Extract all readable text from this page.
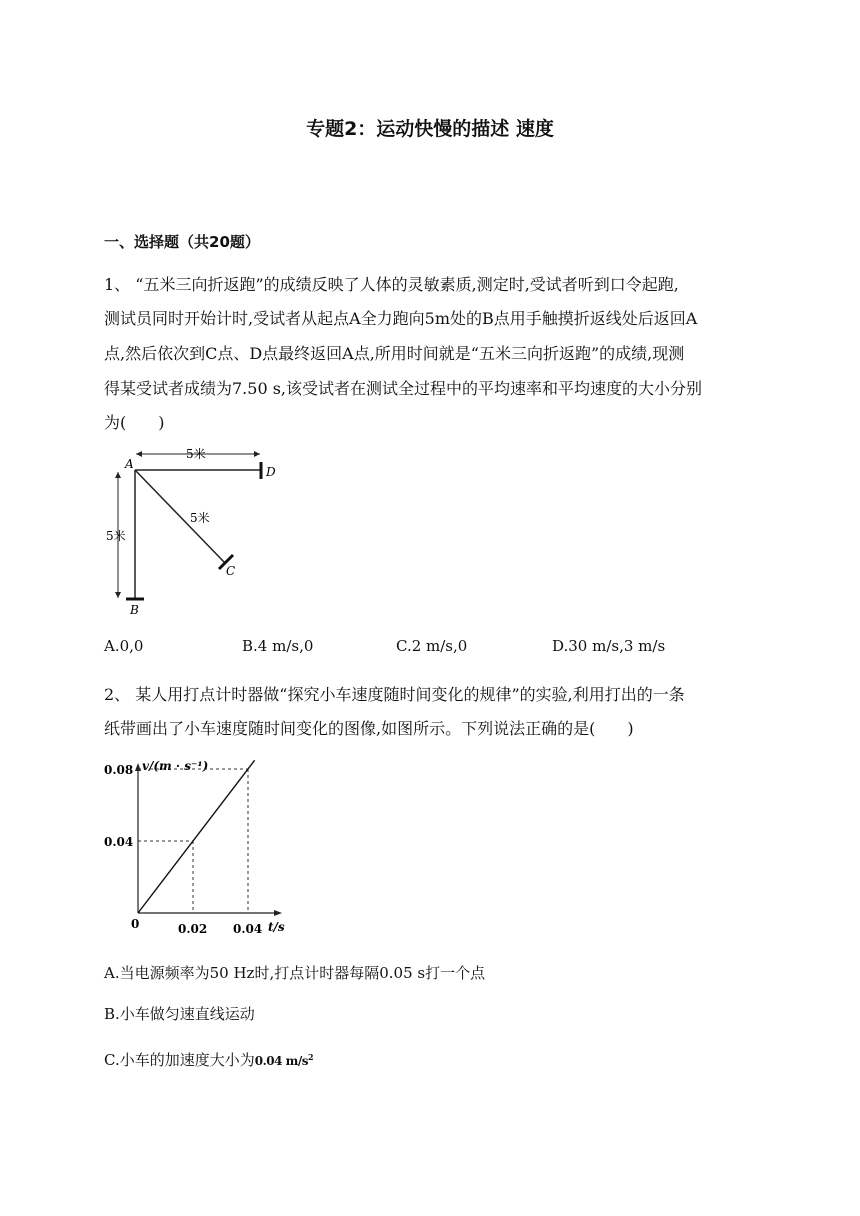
专题2：运动快慢的描述 速度
一、选择题（共20题）
1、 “五米三向折返跑”的成绩反映了人体的灵敏素质,测定时,受试者听到口令起跑,
测试员同时开始计时,受试者从起点A全力跑向5m处的B点用手触摸折返线处后返回A
点,然后依次到C点、D点最终返回A点,所用时间就是“五米三向折返跑”的成绩,现测
得某受试者成绩为7.50 s,该受试者在测试全过程中的平均速率和平均速度的大小分别
为(　　)
A
D
C
B
5米
5米
5米
A.0,0	B.4 m/s,0	C.2 m/s,0	D.30 m/s,3 m/s
2、 某人用打点计时器做“探究小车速度随时间变化的规律”的实验,利用打出的一条
纸带画出了小车速度随时间变化的图像,如图所示。下列说法正确的是(　　)
v/(m · s⁻¹)
t/s
0	0.02 0.04
0.04
0.08
A.当电源频率为50 Hz时,打点计时器每隔0.05 s打一个点
B.小车做匀速直线运动
C.小车的加速度大小为0.04 $m/s^2$
